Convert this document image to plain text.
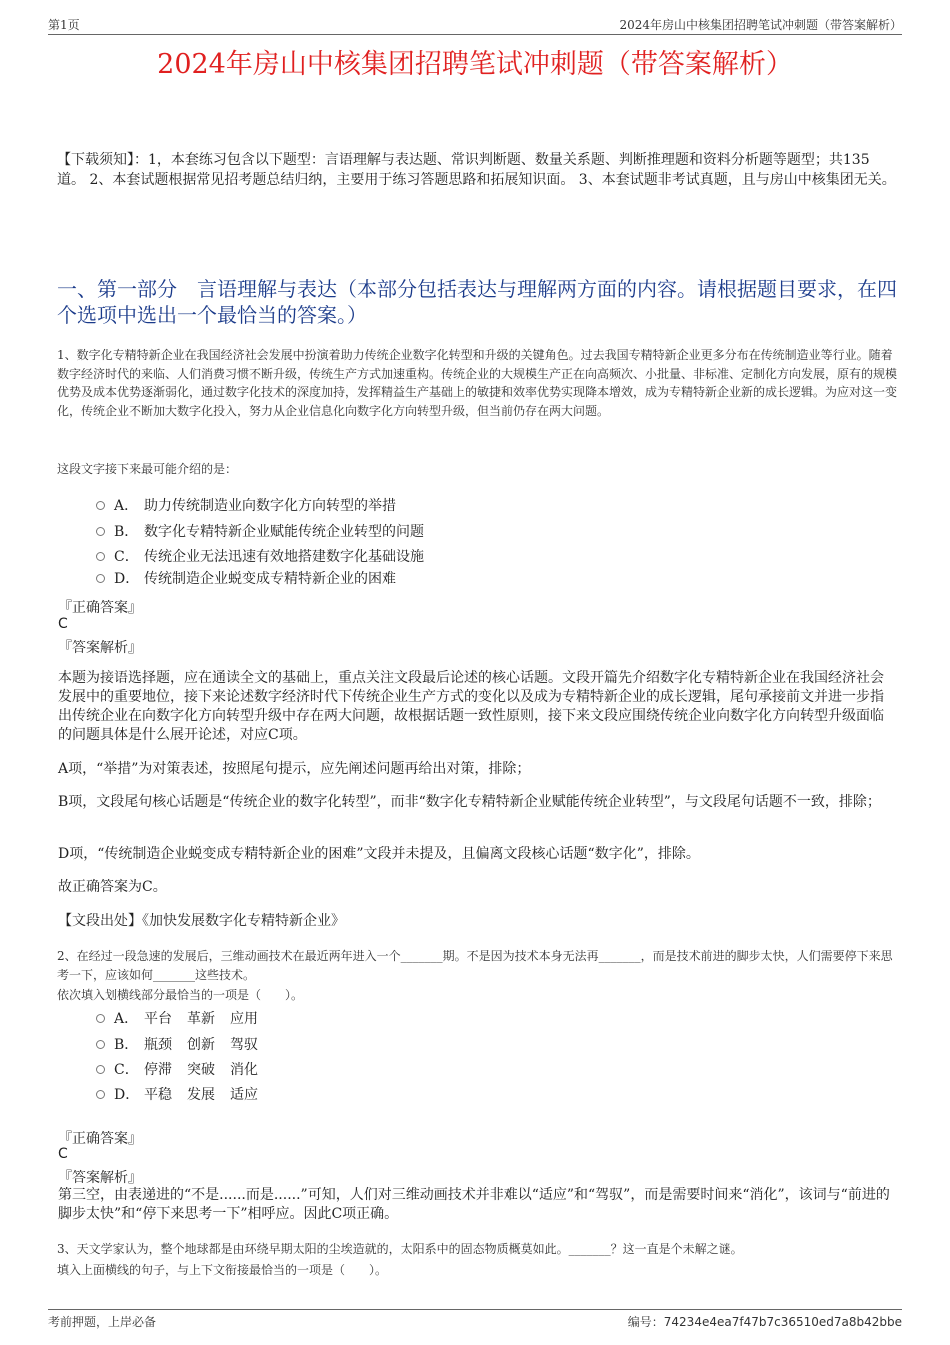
第1页	2024年房山中核集团招聘笔试冲刺题（带答案解析）
2024年房山中核集团招聘笔试冲刺题（带答案解析）
【下载须知】：1，本套练习包含以下题型：言语理解与表达题、常识判断题、数量关系题、判断推理题和资料分析题等题型；共135道。 2、本套试题根据常见招考题总结归纳，主要用于练习答题思路和拓展知识面。 3、本套试题非考试真题，且与房山中核集团无关。
一、第一部分　言语理解与表达（本部分包括表达与理解两方面的内容。请根据题目要求，在四个选项中选出一个最恰当的答案。）
1、数字化专精特新企业在我国经济社会发展中扮演着助力传统企业数字化转型和升级的关键角色。过去我国专精特新企业更多分布在传统制造业等行业。随着数字经济时代的来临、人们消费习惯不断升级，传统生产方式加速重构。传统企业的大规模生产正在向高频次、小批量、非标准、定制化方向发展，原有的规模优势及成本优势逐渐弱化，通过数字化技术的深度加持，发挥精益生产基础上的敏捷和效率优势实现降本增效，成为专精特新企业新的成长逻辑。为应对这一变化，传统企业不断加大数字化投入，努力从企业信息化向数字化方向转型升级，但当前仍存在两大问题。
这段文字接下来最可能介绍的是：
A． 助力传统制造业向数字化方向转型的举措
B． 数字化专精特新企业赋能传统企业转型的问题
C． 传统企业无法迅速有效地搭建数字化基础设施
D． 传统制造企业蜕变成专精特新企业的困难
『正确答案』
C
『答案解析』
本题为接语选择题，应在通读全文的基础上，重点关注文段最后论述的核心话题。文段开篇先介绍数字化专精特新企业在我国经济社会发展中的重要地位，接下来论述数字经济时代下传统企业生产方式的变化以及成为专精特新企业的成长逻辑，尾句承接前文并进一步指出传统企业在向数字化方向转型升级中存在两大问题，故根据话题一致性原则，接下来文段应围绕传统企业向数字化方向转型升级面临的问题具体是什么展开论述，对应C项。
A项，“举措”为对策表述，按照尾句提示，应先阐述问题再给出对策，排除；
B项，文段尾句核心话题是“传统企业的数字化转型”，而非“数字化专精特新企业赋能传统企业转型”，与文段尾句话题不一致，排除；
D项，“传统制造企业蜕变成专精特新企业的困难”文段并未提及，且偏离文段核心话题“数字化”，排除。
故正确答案为C。
【文段出处】《加快发展数字化专精特新企业》
2、在经过一段急速的发展后，三维动画技术在最近两年进入一个_______期。不是因为技术本身无法再_______，而是技术前进的脚步太快，人们需要停下来思考一下，应该如何_______这些技术。
依次填入划横线部分最恰当的一项是（　　）。
A． 平台 革新 应用
B． 瓶颈 创新 驾驭
C． 停滞 突破 消化
D． 平稳 发展 适应
『正确答案』
C
『答案解析』
第三空，由表递进的“不是......而是......”可知，人们对三维动画技术并非难以“适应”和“驾驭”，而是需要时间来“消化”，该词与“前进的脚步太快”和“停下来思考一下”相呼应。因此C项正确。
3、天文学家认为，整个地球都是由环绕早期太阳的尘埃造就的，太阳系中的固态物质概莫如此。_______？这一直是个未解之谜。
填入上面横线的句子，与上下文衔接最恰当的一项是（　　）。
考前押题，上岸必备	编号：74234e4ea7f47b7c36510ed7a8b42bbe
